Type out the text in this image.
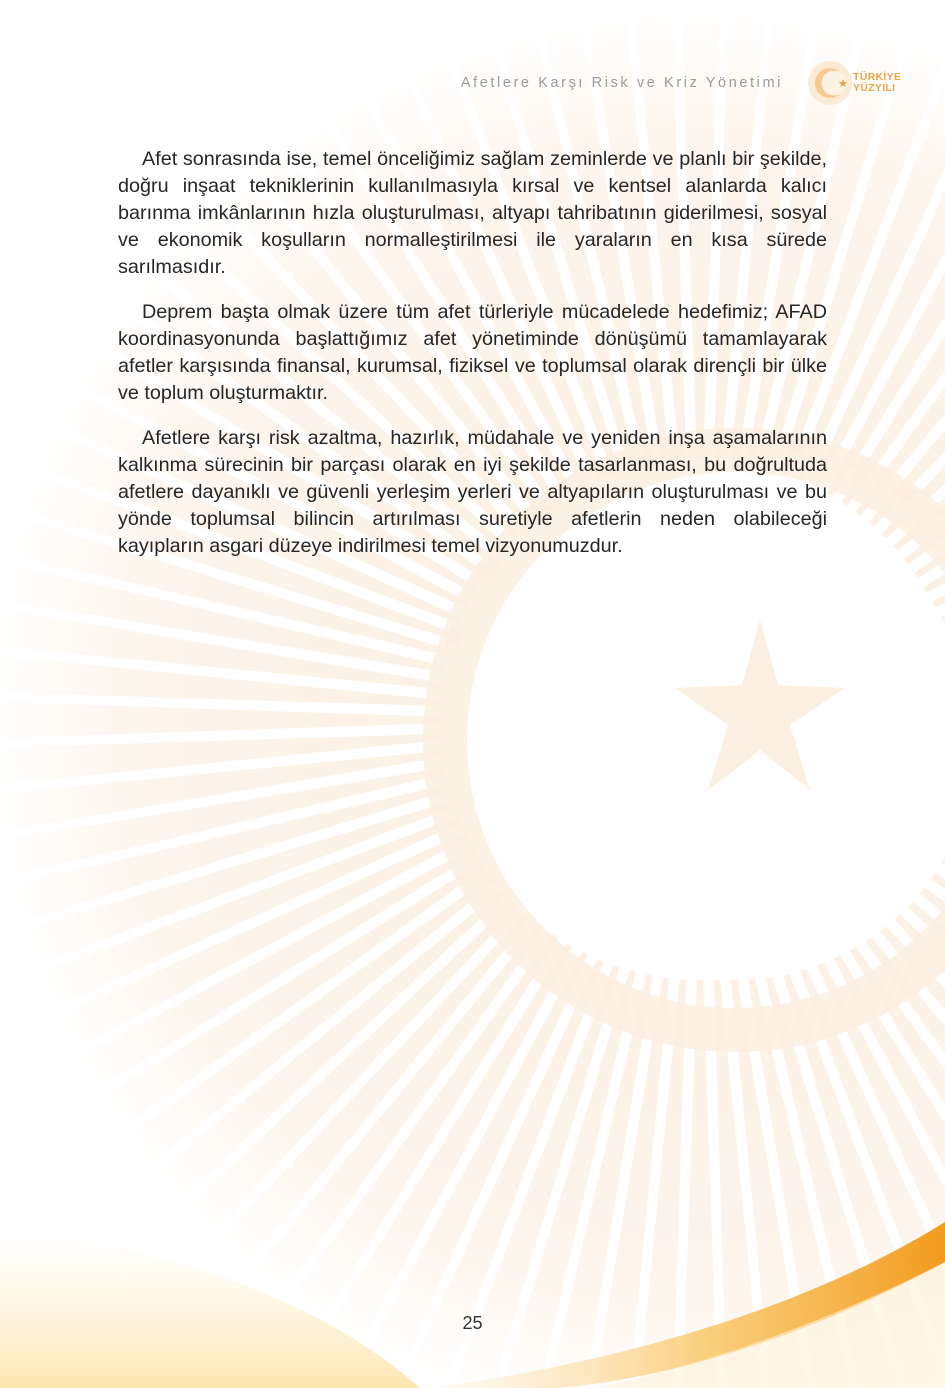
Afetlere Karşı Risk ve Kriz Yönetimi	TÜRKİYE
YÜZYILI

Afet sonrasında ise, temel önceliğimiz sağlam zeminlerde ve planlı bir şekilde, doğru inşaat tekniklerinin kullanılmasıyla kırsal ve kentsel alanlarda kalıcı barınma imkânlarının hızla oluşturulması, altyapı tahribatının giderilmesi, sosyal ve ekonomik koşulların normalleştirilmesi ile yaraların en kısa sürede sarılmasıdır.

Deprem başta olmak üzere tüm afet türleriyle mücadelede hedefimiz; AFAD koordinasyonunda başlattığımız afet yönetiminde dönüşümü tamamlayarak afetler karşısında finansal, kurumsal, fiziksel ve toplumsal olarak dirençli bir ülke ve toplum oluşturmaktır.

Afetlere karşı risk azaltma, hazırlık, müdahale ve yeniden inşa aşamalarının kalkınma sürecinin bir parçası olarak en iyi şekilde tasarlanması, bu doğrultuda afetlere dayanıklı ve güvenli yerleşim yerleri ve altyapıların oluşturulması ve bu yönde toplumsal bilincin artırılması suretiyle afetlerin neden olabileceği kayıpların asgari düzeye indirilmesi temel vizyonumuzdur.

25
